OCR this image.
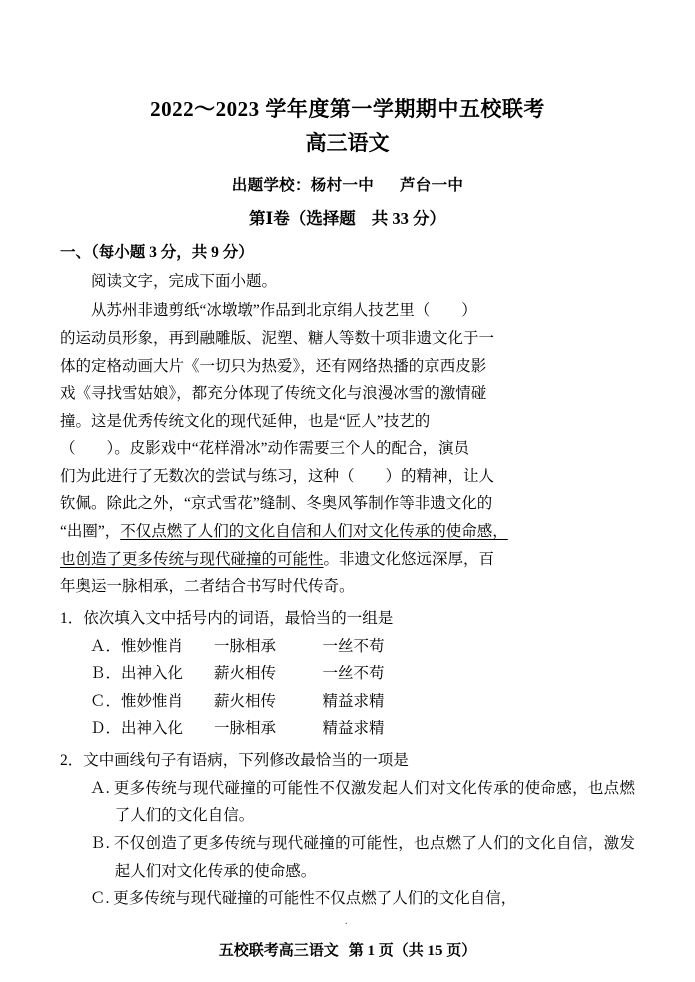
2022～2023 学年度第一学期期中五校联考
高三语文
出题学校：杨村一中 芦台一中
第Ⅰ卷（选择题 共 33 分）
一、（每小题 3 分，共 9 分）
阅读文字，完成下面小题。
从苏州非遗剪纸“冰墩墩”作品到北京绢人技艺里（　　）
的运动员形象，再到融雕版、泥塑、糖人等数十项非遗文化于一
体的定格动画大片《一切只为热爱》，还有网络热播的京西皮影
戏《寻找雪姑娘》，都充分体现了传统文化与浪漫冰雪的激情碰
撞。这是优秀传统文化的现代延伸，也是“匠人”技艺的
（　　）。皮影戏中“花样滑冰”动作需要三个人的配合，演员
们为此进行了无数次的尝试与练习，这种（　　）的精神，让人
钦佩。除此之外，“京式雪花”缝制、冬奥风筝制作等非遗文化的
“出圈”，不仅点燃了人们的文化自信和人们对文化传承的使命感，
也创造了更多传统与现代碰撞的可能性。非遗文化悠远深厚，百
年奥运一脉相承，二者结合书写时代传奇。
1．依次填入文中括号内的词语，最恰当的一组是
Ａ．惟妙惟肖　　一脉相承　　　一丝不苟
Ｂ．出神入化　　薪火相传　　　一丝不苟
Ｃ．惟妙惟肖　　薪火相传　　　精益求精
Ｄ．出神入化　　一脉相承　　　精益求精
2．文中画线句子有语病，下列修改最恰当的一项是
Ａ. 更多传统与现代碰撞的可能性不仅激发起人们对文化传承的使命感，也点燃了人们的文化自信。
Ｂ. 不仅创造了更多传统与现代碰撞的可能性，也点燃了人们的文化自信，激发起人们对文化传承的使命感。
Ｃ. 更多传统与现代碰撞的可能性不仅点燃了人们的文化自信，
.
五校联考高三语文 第 1 页（共 15 页）
